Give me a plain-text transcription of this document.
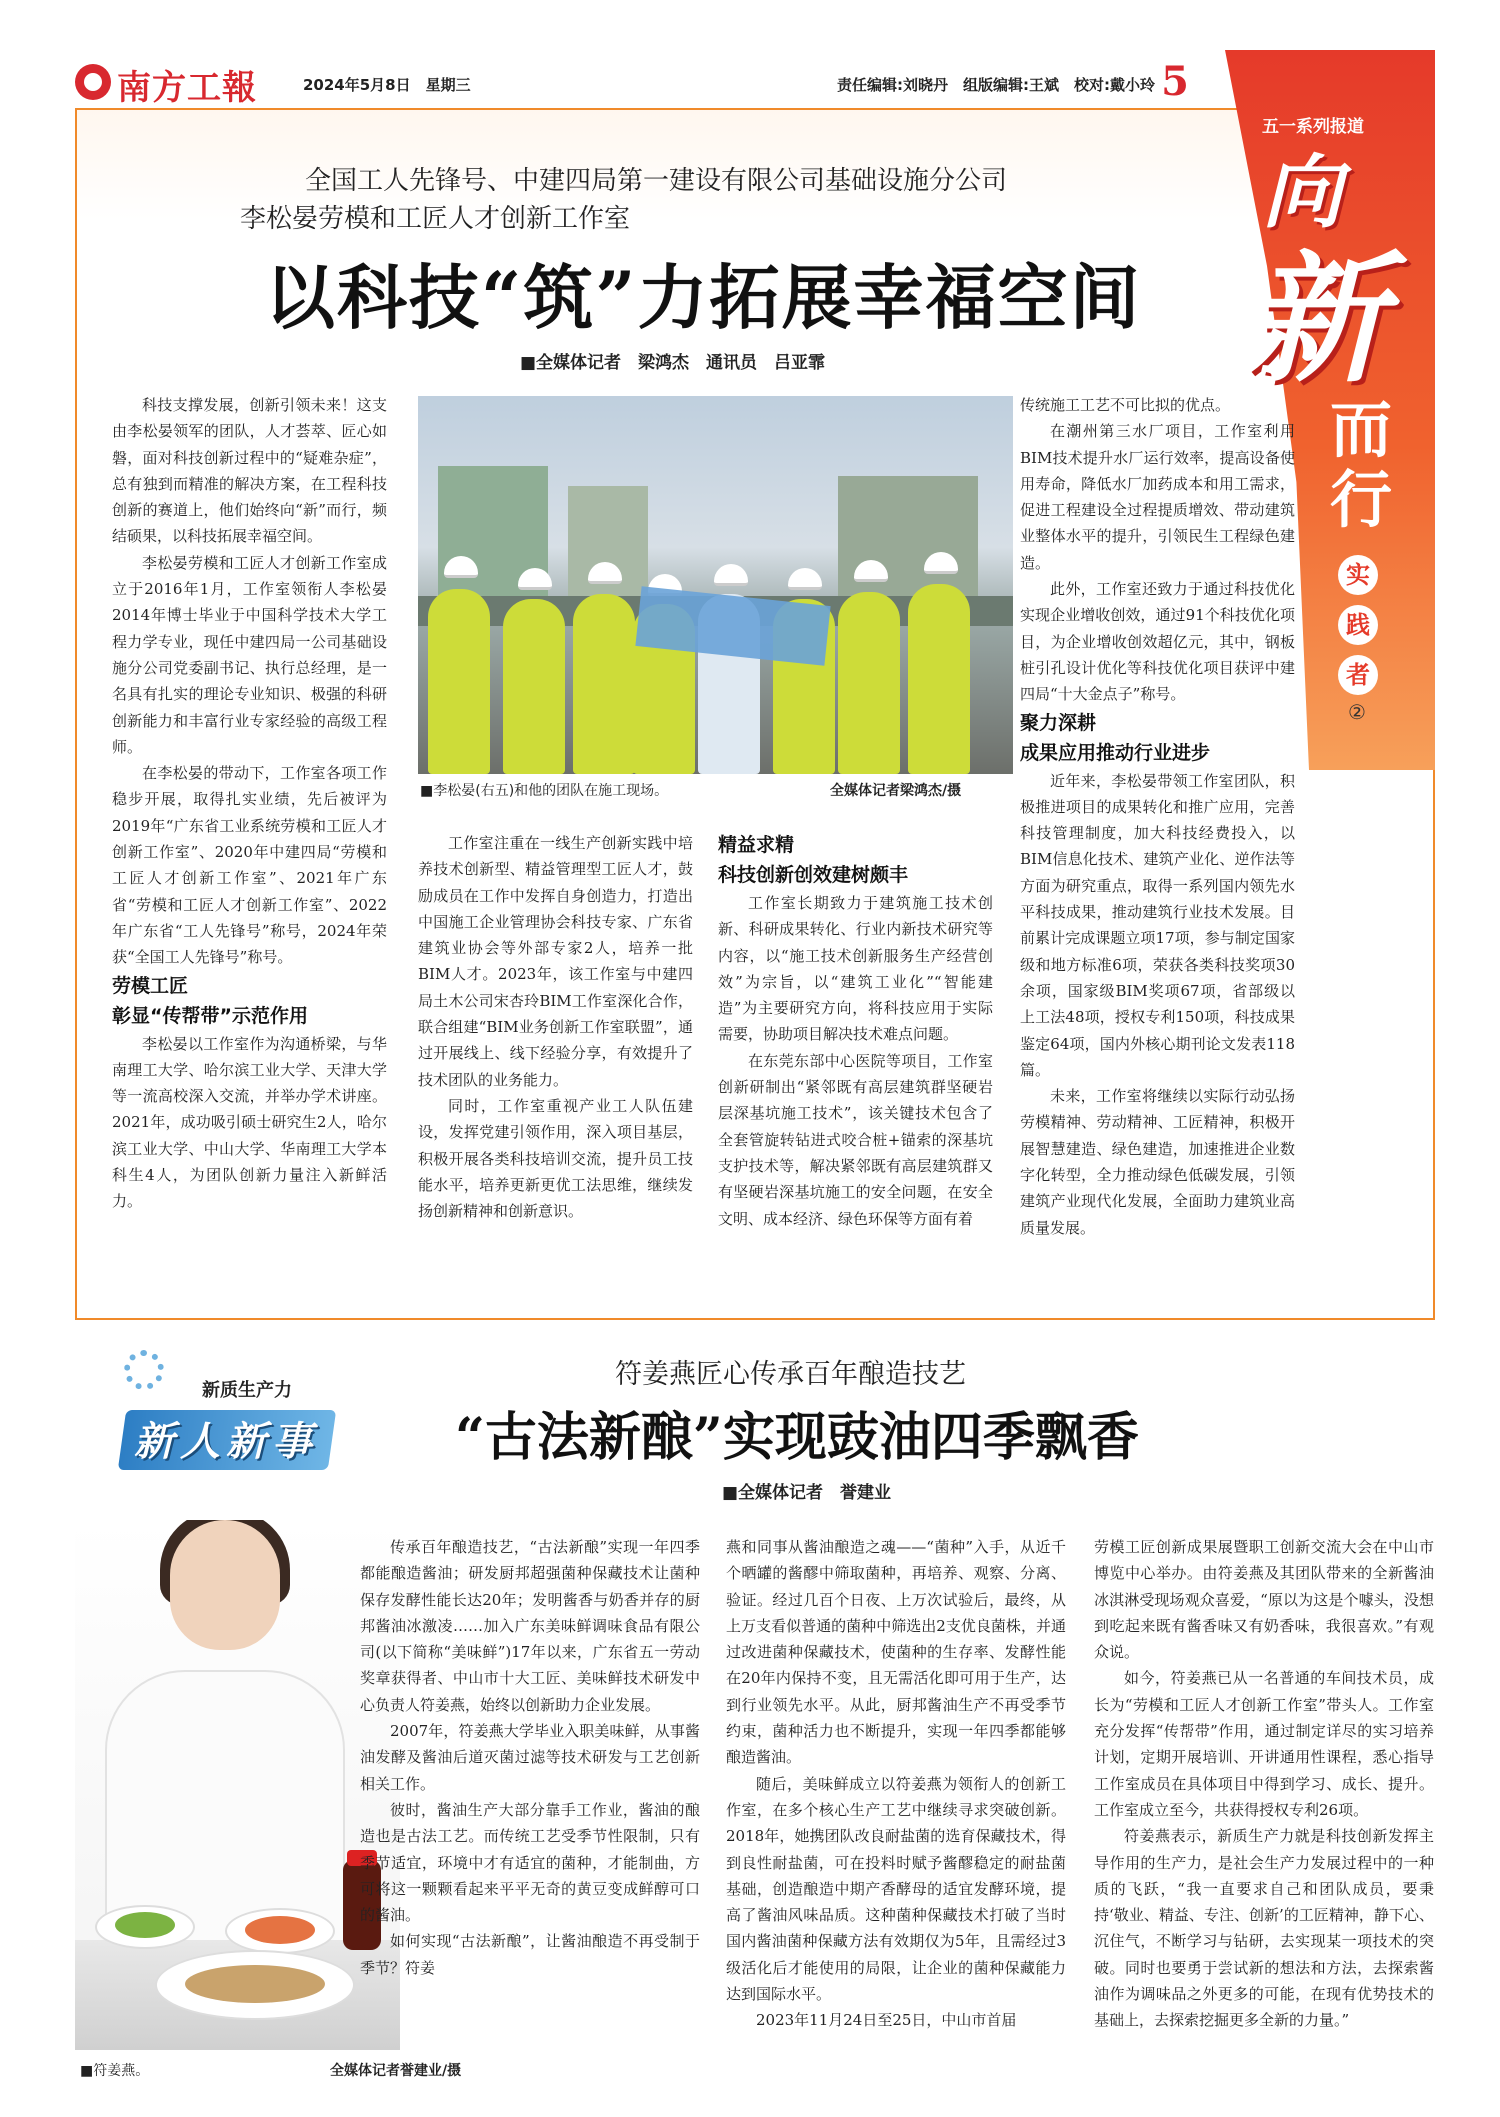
南方工報	2024年5月8日　星期三	责任编辑:刘晓丹　组版编辑:王斌　校对:戴小玲 5
五一系列报道
向
新
而
行
实
践
者
②
全国工人先锋号、中建四局第一建设有限公司基础设施分公司
李松晏劳模和工匠人才创新工作室
以科技“筑”力拓展幸福空间
■全媒体记者　梁鸿杰　通讯员　吕亚霏
■李松晏(右五)和他的团队在施工现场。	全媒体记者梁鸿杰/摄

科技支撑发展，创新引领未来！这支由李松晏领军的团队，人才荟萃、匠心如磐，面对科技创新过程中的“疑难杂症”，总有独到而精准的解决方案，在工程科技创新的赛道上，他们始终向“新”而行，频结硕果，以科技拓展幸福空间。

李松晏劳模和工匠人才创新工作室成立于2016年1月，工作室领衔人李松晏2014年博士毕业于中国科学技术大学工程力学专业，现任中建四局一公司基础设施分公司党委副书记、执行总经理，是一名具有扎实的理论专业知识、极强的科研创新能力和丰富行业专家经验的高级工程师。

在李松晏的带动下，工作室各项工作稳步开展，取得扎实业绩，先后被评为2019年“广东省工业系统劳模和工匠人才创新工作室”、2020年中建四局“劳模和工匠人才创新工作室”、2021年广东省“劳模和工匠人才创新工作室”、2022年广东省“工人先锋号”称号，2024年荣获“全国工人先锋号”称号。

劳模工匠
彰显“传帮带”示范作用

李松晏以工作室作为沟通桥梁，与华南理工大学、哈尔滨工业大学、天津大学等一流高校深入交流，并举办学术讲座。2021年，成功吸引硕士研究生2人，哈尔滨工业大学、中山大学、华南理工大学本科生4人，为团队创新力量注入新鲜活力。

工作室注重在一线生产创新实践中培养技术创新型、精益管理型工匠人才，鼓励成员在工作中发挥自身创造力，打造出中国施工企业管理协会科技专家、广东省建筑业协会等外部专家2人，培养一批BIM人才。2023年，该工作室与中建四局土木公司宋杏玲BIM工作室深化合作，联合组建“BIM业务创新工作室联盟”，通过开展线上、线下经验分享，有效提升了技术团队的业务能力。

同时，工作室重视产业工人队伍建设，发挥党建引领作用，深入项目基层，积极开展各类科技培训交流，提升员工技能水平，培养更新更优工法思维，继续发扬创新精神和创新意识。

精益求精
科技创新创效建树颇丰

工作室长期致力于建筑施工技术创新、科研成果转化、行业内新技术研究等内容，以“施工技术创新服务生产经营创效”为宗旨，以“建筑工业化”“智能建造”为主要研究方向，将科技应用于实际需要，协助项目解决技术难点问题。

在东莞东部中心医院等项目，工作室创新研制出“紧邻既有高层建筑群坚硬岩层深基坑施工技术”，该关键技术包含了全套管旋转钻进式咬合桩+锚索的深基坑支护技术等，解决紧邻既有高层建筑群又有坚硬岩深基坑施工的安全问题，在安全文明、成本经济、绿色环保等方面有着

传统施工工艺不可比拟的优点。

在潮州第三水厂项目，工作室利用BIM技术提升水厂运行效率，提高设备使用寿命，降低水厂加药成本和用工需求，促进工程建设全过程提质增效、带动建筑业整体水平的提升，引领民生工程绿色建造。

此外，工作室还致力于通过科技优化实现企业增收创效，通过91个科技优化项目，为企业增收创效超亿元，其中，钢板桩引孔设计优化等科技优化项目获评中建四局“十大金点子”称号。

聚力深耕
成果应用推动行业进步

近年来，李松晏带领工作室团队，积极推进项目的成果转化和推广应用，完善科技管理制度，加大科技经费投入，以BIM信息化技术、建筑产业化、逆作法等方面为研究重点，取得一系列国内领先水平科技成果，推动建筑行业技术发展。目前累计完成课题立项17项，参与制定国家级和地方标准6项，荣获各类科技奖项30余项，国家级BIM奖项67项，省部级以上工法48项，授权专利150项，科技成果鉴定64项，国内外核心期刊论文发表118篇。

未来，工作室将继续以实际行动弘扬劳模精神、劳动精神、工匠精神，积极开展智慧建造、绿色建造，加速推进企业数字化转型，全力推动绿色低碳发展，引领建筑产业现代化发展，全面助力建筑业高质量发展。

新质生产力
新人新事
符姜燕匠心传承百年酿造技艺
“古法新酿”实现豉油四季飘香
■全媒体记者　誉建业
■符姜燕。	全媒体记者誉建业/摄

传承百年酿造技艺，“古法新酿”实现一年四季都能酿造酱油；研发厨邦超强菌种保藏技术让菌种保存发酵性能长达20年；发明酱香与奶香并存的厨邦酱油冰激凌……加入广东美味鲜调味食品有限公司(以下简称“美味鲜”)17年以来，广东省五一劳动奖章获得者、中山市十大工匠、美味鲜技术研发中心负责人符姜燕，始终以创新助力企业发展。

2007年，符姜燕大学毕业入职美味鲜，从事酱油发酵及酱油后道灭菌过滤等技术研发与工艺创新相关工作。

彼时，酱油生产大部分靠手工作业，酱油的酿造也是古法工艺。而传统工艺受季节性限制，只有季节适宜，环境中才有适宜的菌种，才能制曲，方可将这一颗颗看起来平平无奇的黄豆变成鲜醇可口的酱油。

如何实现“古法新酿”，让酱油酿造不再受制于季节？符姜

燕和同事从酱油酿造之魂——“菌种”入手，从近千个晒罐的酱醪中筛取菌种，再培养、观察、分离、验证。经过几百个日夜、上万次试验后，最终，从上万支看似普通的菌种中筛选出2支优良菌株，并通过改进菌种保藏技术，使菌种的生存率、发酵性能在20年内保持不变，且无需活化即可用于生产，达到行业领先水平。从此，厨邦酱油生产不再受季节约束，菌种活力也不断提升，实现一年四季都能够酿造酱油。

随后，美味鲜成立以符姜燕为领衔人的创新工作室，在多个核心生产工艺中继续寻求突破创新。2018年，她携团队改良耐盐菌的选育保藏技术，得到良性耐盐菌，可在投料时赋予酱醪稳定的耐盐菌基础，创造酿造中期产香酵母的适宜发酵环境，提高了酱油风味品质。这种菌种保藏技术打破了当时国内酱油菌种保藏方法有效期仅为5年，且需经过3级活化后才能使用的局限，让企业的菌种保藏能力达到国际水平。

2023年11月24日至25日，中山市首届

劳模工匠创新成果展暨职工创新交流大会在中山市博览中心举办。由符姜燕及其团队带来的全新酱油冰淇淋受现场观众喜爱，“原以为这是个噱头，没想到吃起来既有酱香味又有奶香味，我很喜欢。”有观众说。

如今，符姜燕已从一名普通的车间技术员，成长为“劳模和工匠人才创新工作室”带头人。工作室充分发挥“传帮带”作用，通过制定详尽的实习培养计划，定期开展培训、开讲通用性课程，悉心指导工作室成员在具体项目中得到学习、成长、提升。工作室成立至今，共获得授权专利26项。

符姜燕表示，新质生产力就是科技创新发挥主导作用的生产力，是社会生产力发展过程中的一种质的飞跃，“我一直要求自己和团队成员，要秉持‘敬业、精益、专注、创新’的工匠精神，静下心、沉住气，不断学习与钻研，去实现某一项技术的突破。同时也要勇于尝试新的想法和方法，去探索酱油作为调味品之外更多的可能，在现有优势技术的基础上，去探索挖掘更多全新的力量。”
